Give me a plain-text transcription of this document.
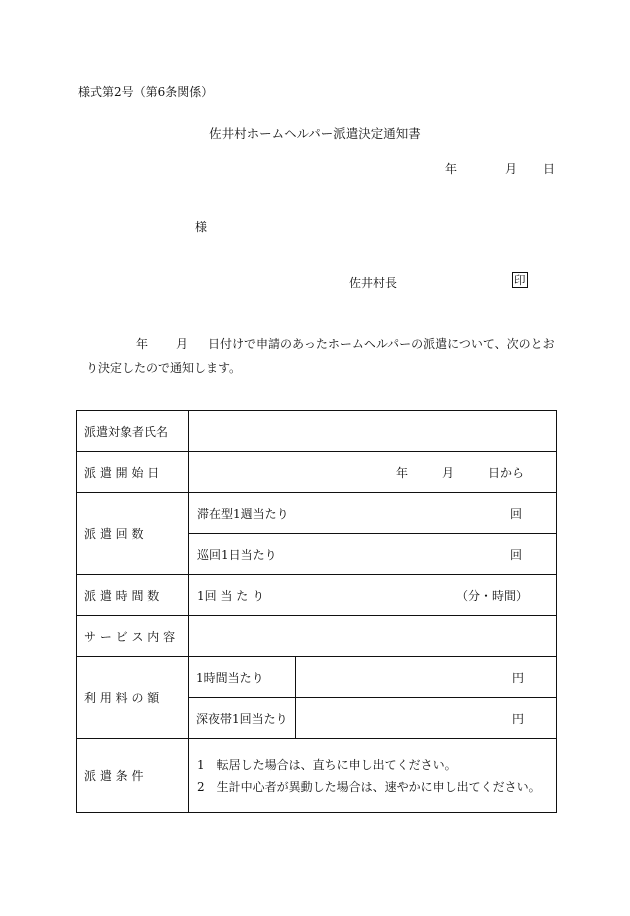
様式第2号（第6条関係）
佐井村ホームヘルパー派遣決定通知書
年	月 日
様
佐井村長	印
年 月 日付けで申請のあったホームヘルパーの派遣について、次のとおり決定したので通知します。
派遣対象者氏名		
派 遣 開 始 日	年 月 日から	

派 遣 回 数	滞在型1週当たり 回	

	巡回1日当たり 回	

派 遣 時 間 数	1回 当 た り （分・時間）	

サ ー ビ ス 内 容		
利 用 料 の 額	1時間当たり	円

	深夜帯1回当たり	円

派 遣 条 件	1　転居した場合は、直ちに申し出てください。
2　生計中心者が異動した場合は、速やかに申し出てください。	
